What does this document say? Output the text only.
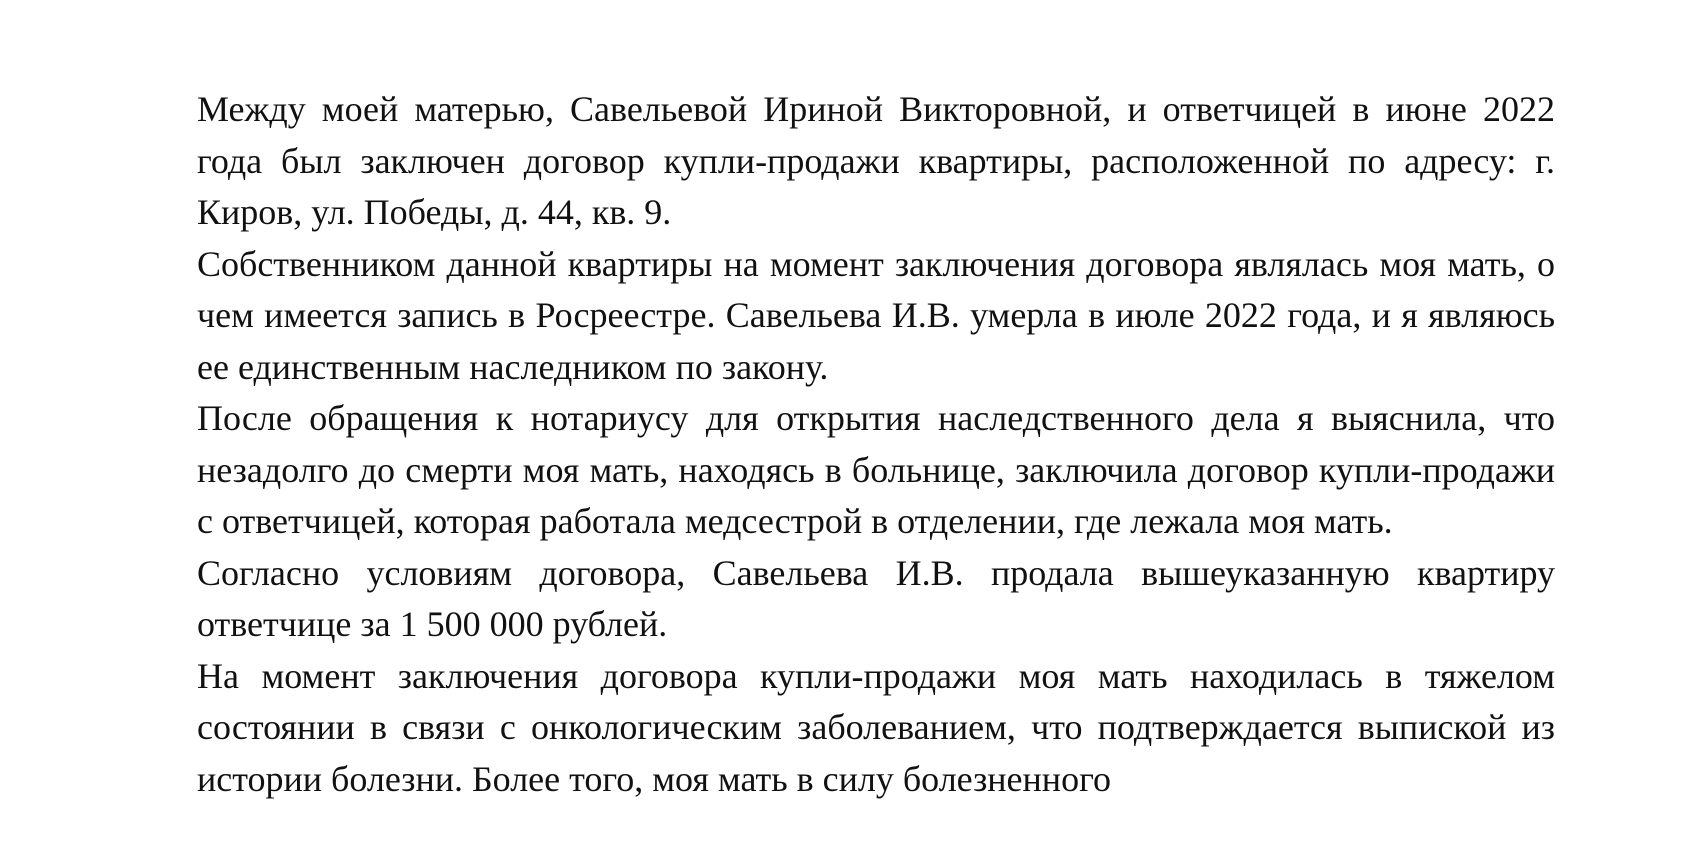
Между моей матерью, Савельевой Ириной Викторовной, и ответчицей в июне 2022 года был заключен договор купли-продажи квартиры, расположенной по адресу: г. Киров, ул. Победы, д. 44, кв. 9.

Собственником данной квартиры на момент заключения договора являлась моя мать, о чем имеется запись в Росреестре. Савельева И.В. умерла в июле 2022 года, и я являюсь ее единственным наследником по закону.

После обращения к нотариусу для открытия наследственного дела я выяснила, что незадолго до смерти моя мать, находясь в больнице, заключила договор купли-продажи с ответчицей, которая работала медсестрой в отделении, где лежала моя мать.

Согласно условиям договора, Савельева И.В. продала вышеуказанную квартиру ответчице за 1 500 000 рублей.

На момент заключения договора купли-продажи моя мать находилась в тяжелом состоянии в связи с онкологическим заболеванием, что подтверждается выпиской из истории болезни. Более того, моя мать в силу болезненного
